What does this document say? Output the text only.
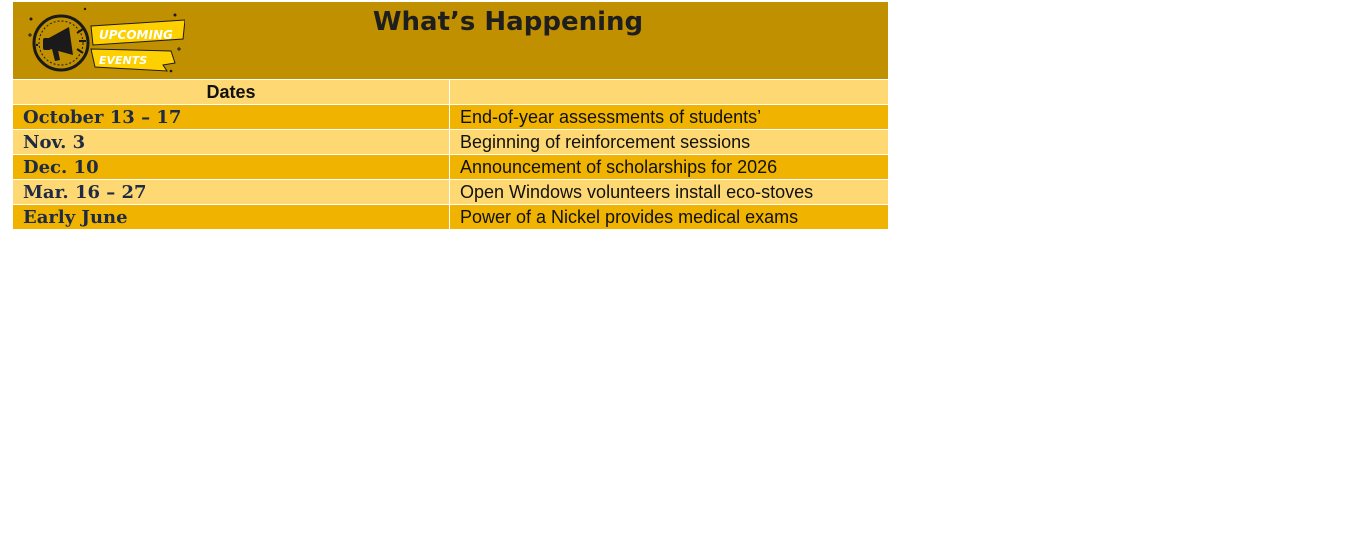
UPCOMING
EVENTS
What’s Happening
Dates
October 13 – 17	End-of-year assessments of students’
Nov. 3	Beginning of reinforcement sessions
Dec. 10	Announcement of scholarships for 2026
Mar. 16 – 27	Open Windows volunteers install eco-stoves
Early June	Power of a Nickel provides medical exams
